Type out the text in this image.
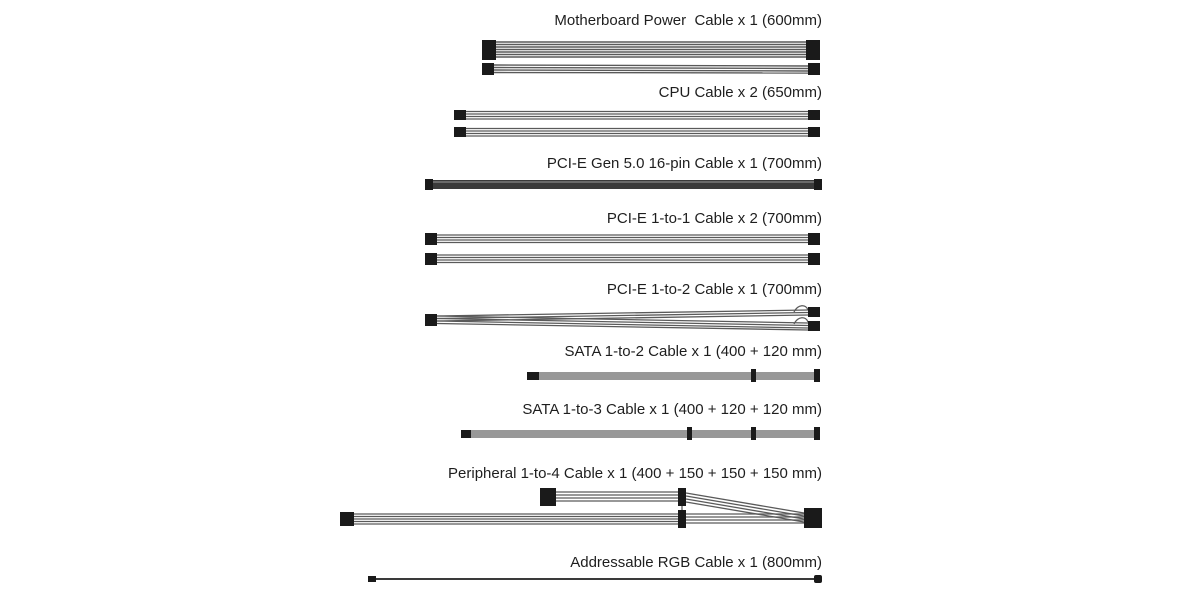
Motherboard Power  Cable x 1 (600mm)
CPU Cable x 2 (650mm)
PCI-E Gen 5.0 16-pin Cable x 1 (700mm)
PCI-E 1-to-1 Cable x 2 (700mm)
PCI-E 1-to-2 Cable x 1 (700mm)
SATA 1-to-2 Cable x 1 (400 + 120 mm)
SATA 1-to-3 Cable x 1 (400 + 120 + 120 mm)
Peripheral 1-to-4 Cable x 1 (400 + 150 + 150 + 150 mm)
Addressable RGB Cable x 1 (800mm)
